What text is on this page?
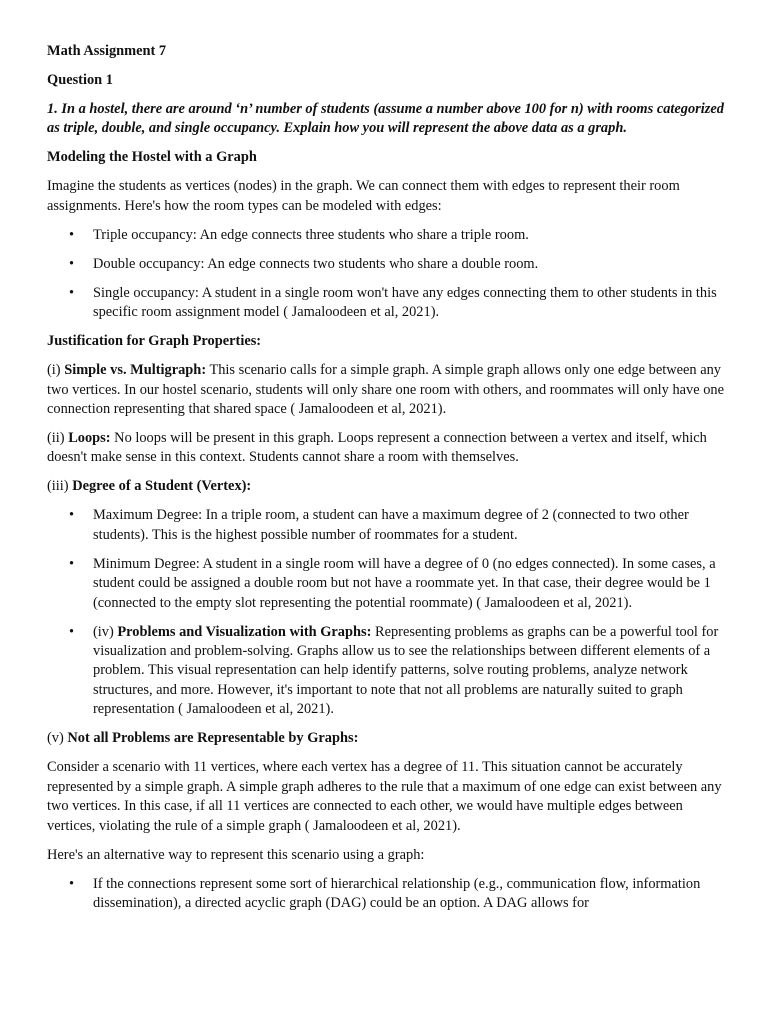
Math Assignment 7

Question 1

1. In a hostel, there are around ‘n’ number of students (assume a number above 100 for n) with rooms categorized as triple, double, and single occupancy. Explain how you will represent the above data as a graph.

Modeling the Hostel with a Graph

Imagine the students as vertices (nodes) in the graph. We can connect them with edges to represent their room assignments. Here's how the room types can be modeled with edges:

• Triple occupancy: An edge connects three students who share a triple room.
• Double occupancy: An edge connects two students who share a double room.
• Single occupancy: A student in a single room won't have any edges connecting them to other students in this specific room assignment model ( Jamaloodeen et al, 2021).

Justification for Graph Properties:

(i) Simple vs. Multigraph: This scenario calls for a simple graph. A simple graph allows only one edge between any two vertices. In our hostel scenario, students will only share one room with others, and roommates will only have one connection representing that shared space ( Jamaloodeen et al, 2021).

(ii) Loops: No loops will be present in this graph. Loops represent a connection between a vertex and itself, which doesn't make sense in this context. Students cannot share a room with themselves.

(iii) Degree of a Student (Vertex):

• Maximum Degree: In a triple room, a student can have a maximum degree of 2 (connected to two other students). This is the highest possible number of roommates for a student.
• Minimum Degree: A student in a single room will have a degree of 0 (no edges connected). In some cases, a student could be assigned a double room but not have a roommate yet. In that case, their degree would be 1 (connected to the empty slot representing the potential roommate) ( Jamaloodeen et al, 2021).
• (iv) Problems and Visualization with Graphs: Representing problems as graphs can be a powerful tool for visualization and problem-solving. Graphs allow us to see the relationships between different elements of a problem. This visual representation can help identify patterns, solve routing problems, analyze network structures, and more. However, it's important to note that not all problems are naturally suited to graph representation ( Jamaloodeen et al, 2021).

(v) Not all Problems are Representable by Graphs:

Consider a scenario with 11 vertices, where each vertex has a degree of 11. This situation cannot be accurately represented by a simple graph. A simple graph adheres to the rule that a maximum of one edge can exist between any two vertices. In this case, if all 11 vertices are connected to each other, we would have multiple edges between vertices, violating the rule of a simple graph ( Jamaloodeen et al, 2021).

Here's an alternative way to represent this scenario using a graph:

• If the connections represent some sort of hierarchical relationship (e.g., communication flow, information dissemination), a directed acyclic graph (DAG) could be an option. A DAG allows for
